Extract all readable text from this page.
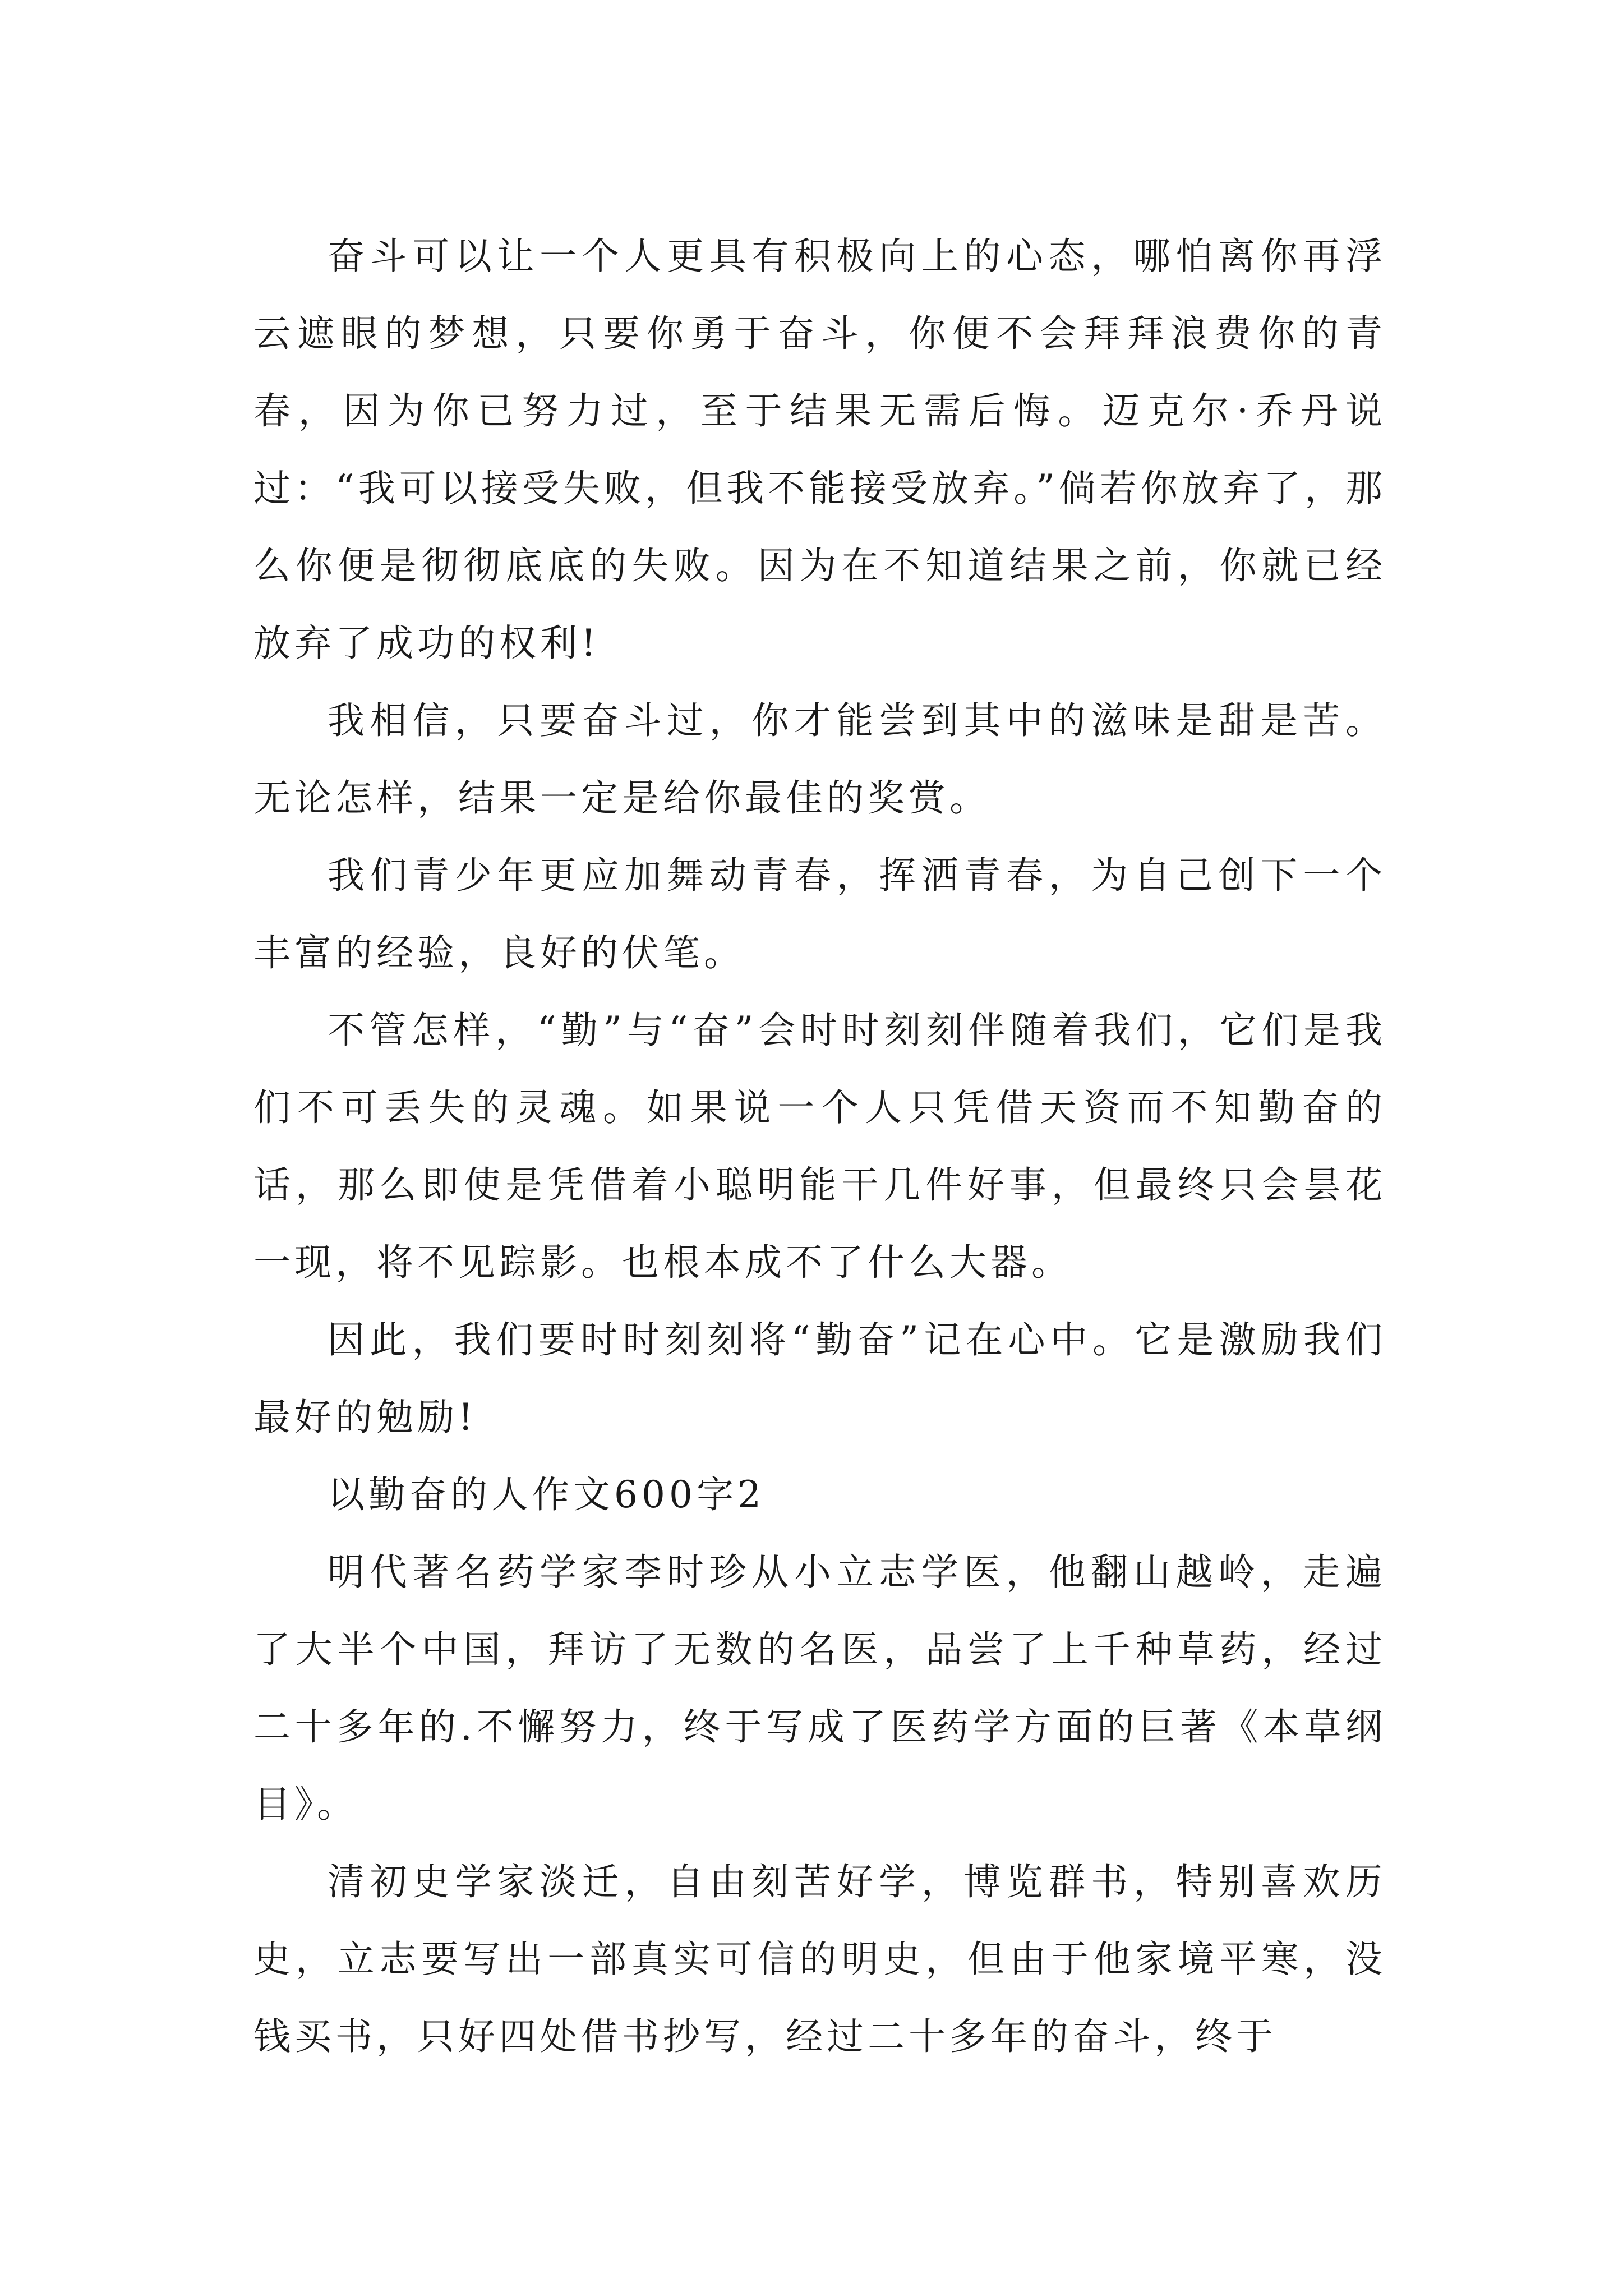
奋斗可以让一个人更具有积极向上的心态，哪怕离你再浮云遮眼的梦想，只要你勇于奋斗，你便不会拜拜浪费你的青春，因为你已努力过，至于结果无需后悔。迈克尔·乔丹说过：“我可以接受失败，但我不能接受放弃。”倘若你放弃了，那么你便是彻彻底底的失败。因为在不知道结果之前，你就已经放弃了成功的权利!

我相信，只要奋斗过，你才能尝到其中的滋味是甜是苦。无论怎样，结果一定是给你最佳的奖赏。

我们青少年更应加舞动青春，挥洒青春，为自己创下一个丰富的经验，良好的伏笔。

不管怎样，“勤”与“奋”会时时刻刻伴随着我们，它们是我们不可丢失的灵魂。如果说一个人只凭借天资而不知勤奋的话，那么即使是凭借着小聪明能干几件好事，但最终只会昙花一现，将不见踪影。也根本成不了什么大器。

因此，我们要时时刻刻将“勤奋”记在心中。它是激励我们最好的勉励!

以勤奋的人作文600字2

明代著名药学家李时珍从小立志学医，他翻山越岭，走遍了大半个中国，拜访了无数的名医，品尝了上千种草药，经过二十多年的.不懈努力，终于写成了医药学方面的巨著《本草纲目》。

清初史学家淡迁，自由刻苦好学，博览群书，特别喜欢历史，立志要写出一部真实可信的明史，但由于他家境平寒，没钱买书，只好四处借书抄写，经过二十多年的奋斗，终于
